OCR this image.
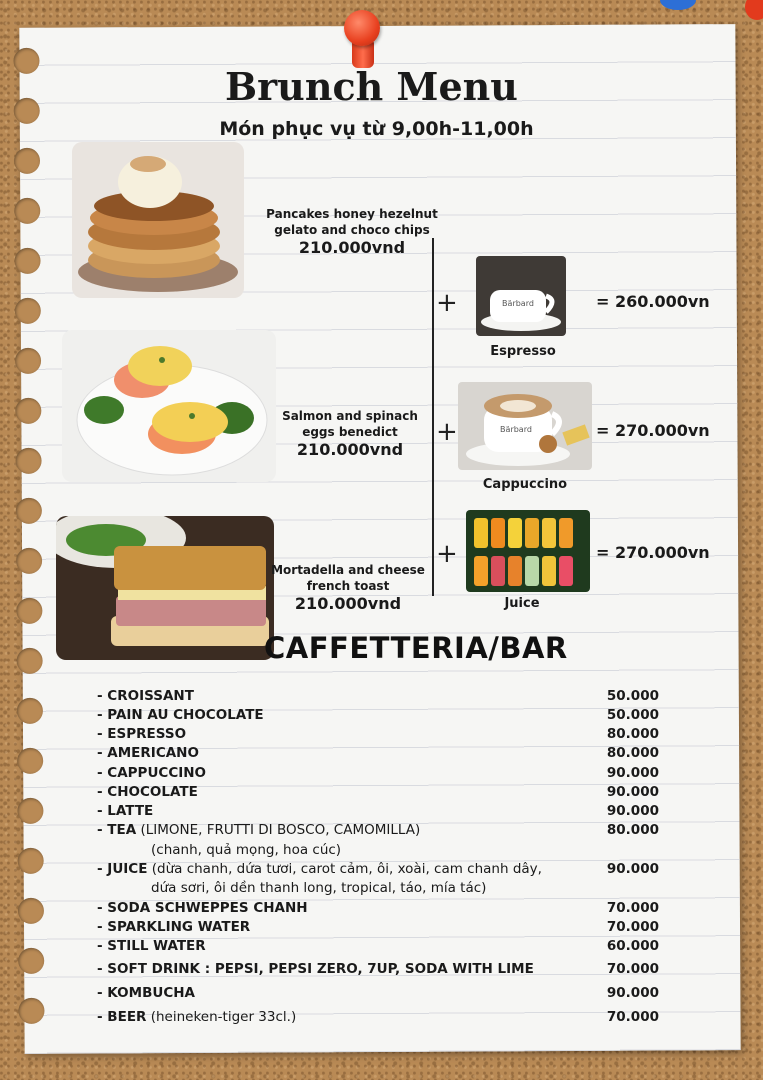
Brunch Menu
Món phục vụ từ 9,00h-11,00h
Pancakes honey hezelnut
gelato and choco chips
210.000vnd
Salmon and spinach
eggs benedict
210.000vnd
Mortadella and cheese
french toast
210.000vnd
+	Bärbard
Espresso
= 260.000vn
+	Bärbard
Cappuccino
= 270.000vn
+
Juice
= 270.000vn
CAFFETTERIA/BAR
- CROISSANT	50.000
- PAIN AU CHOCOLATE	50.000
- ESPRESSO	80.000
- AMERICANO	80.000
- CAPPUCCINO	90.000
- CHOCOLATE	90.000
- LATTE	90.000
- TEA (LIMONE, FRUTTI DI BOSCO, CAMOMILLA)	80.000
(chanh, quả mọng, hoa cúc)
- JUICE (dừa chanh, dứa tươi, carot cảm, ôi, xoài, cam chanh dây,	90.000
dứa sơri, ôi dền thanh long, tropical, táo, mía tác)
- SODA SCHWEPPES CHANH	70.000
- SPARKLING WATER	70.000
- STILL WATER	60.000
- SOFT DRINK : PEPSI, PEPSI ZERO, 7UP, SODA WITH LIME	70.000
- KOMBUCHA	90.000
- BEER (heineken-tiger 33cl.)	70.000
